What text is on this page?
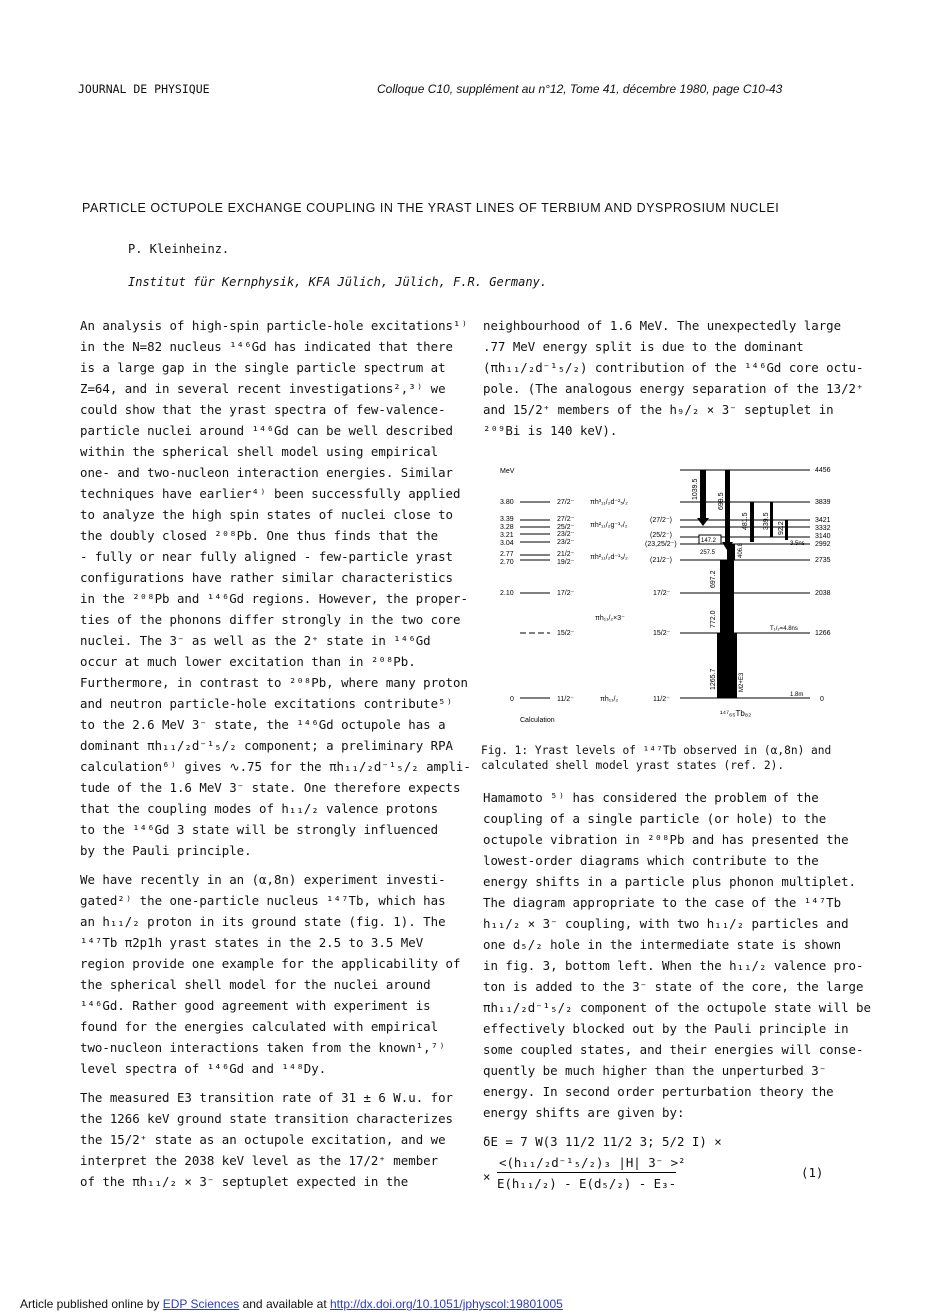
JOURNAL DE PHYSIQUE	Colloque C10, supplément au n°12, Tome 41, décembre 1980, page C10-43
PARTICLE OCTUPOLE EXCHANGE COUPLING IN THE YRAST LINES OF TERBIUM AND DYSPROSIUM NUCLEI
P. Kleinheinz.
Institut für Kernphysik, KFA Jülich, Jülich, F.R. Germany.

An analysis of high-spin particle-hole excitations¹⁾
in the N=82 nucleus ¹⁴⁶Gd has indicated that there
is a large gap in the single particle spectrum at
Z=64, and in several recent investigations²,³⁾ we
could show that the yrast spectra of few-valence-
particle nuclei around ¹⁴⁶Gd can be well described
within the spherical shell model using empirical
one- and two-nucleon interaction energies. Similar
techniques have earlier⁴⁾ been successfully applied
to analyze the high spin states of nuclei close to
the doubly closed ²⁰⁸Pb. One thus finds that the
- fully or near fully aligned - few-particle yrast
configurations have rather similar characteristics
in the ²⁰⁸Pb and ¹⁴⁶Gd regions. However, the proper-
ties of the phonons differ strongly in the two core
nuclei. The 3⁻ as well as the 2⁺ state in ¹⁴⁶Gd
occur at much lower excitation than in ²⁰⁸Pb.
Furthermore, in contrast to ²⁰⁸Pb, where many proton
and neutron particle-hole excitations contribute⁵⁾
to the 2.6 MeV 3⁻ state, the ¹⁴⁶Gd octupole has a
dominant πh₁₁/₂d⁻¹₅/₂ component; a preliminary RPA
calculation⁶⁾ gives ∿.75 for the πh₁₁/₂d⁻¹₅/₂ ampli-
tude of the 1.6 MeV 3⁻ state. One therefore expects
that the coupling modes of h₁₁/₂ valence protons
to the ¹⁴⁶Gd 3 state will be strongly influenced
by the Pauli principle.

We have recently in an (α,8n) experiment investi-
gated²⁾ the one-particle nucleus ¹⁴⁷Tb, which has
an h₁₁/₂ proton in its ground state (fig. 1). The
¹⁴⁷Tb π2p1h yrast states in the 2.5 to 3.5 MeV
region provide one example for the applicability of
the spherical shell model for the nuclei around
¹⁴⁶Gd. Rather good agreement with experiment is
found for the energies calculated with empirical
two-nucleon interactions taken from the known¹,⁷⁾
level spectra of ¹⁴⁶Gd and ¹⁴⁸Dy.

The measured E3 transition rate of 31 ± 6 W.u. for
the 1266 keV ground state transition characterizes
the 15/2⁺ state as an octupole excitation, and we
interpret the 2038 keV level as the 17/2⁺ member
of the πh₁₁/₂ × 3⁻ septuplet expected in the

neighbourhood of 1.6 MeV. The unexpectedly large
.77 MeV energy split is due to the dominant
(πh₁₁/₂d⁻¹₅/₂) contribution of the ¹⁴⁶Gd core octu-
pole. (The analogous energy separation of the 13/2⁺
and 15/2⁺ members of the h₉/₂ × 3⁻ septuplet in
²⁰⁹Bi is 140 keV).

MeV
3.80	27/2⁻ πh³₁₁/₂d⁻²₅/₂
3.39	27/2⁻
3.28	25/2⁻ πh²₁₁/₂g⁻¹₇/₂
3.21	23/2⁻
3.04	23/2⁻
2.77	21/2⁻ πh²₁₁/₂d⁻¹₅/₂
2.70	19/2⁻
2.10	17/2⁻
15/2⁻
πh₁₁/₂×3⁻
0	11/2⁻	πh₁₁/₂
Calculation
4456
3839
3421
(27/2⁻)
3332
3140
(25/2⁻)
2992
(23,25/2⁻)
2735
(21/2⁻)
2038
17/2⁻
1266
15/2⁻
0
11/2⁻
1039.5
699.5
481.5 339.5 92.2
147.2
257.5	406.8
697.2
772.0
1265.7
3.5ns
T₁/₂=4.8ns
1.8m
M2+E3
¹⁴⁷₆₅Tb₈₂
Fig. 1: Yrast levels of ¹⁴⁷Tb observed in (α,8n) and
calculated shell model yrast states (ref. 2).

Hamamoto ⁵⁾ has considered the problem of the
coupling of a single particle (or hole) to the
octupole vibration in ²⁰⁸Pb and has presented the
lowest-order diagrams which contribute to the
energy shifts in a particle plus phonon multiplet.
The diagram appropriate to the case of the ¹⁴⁷Tb
h₁₁/₂ × 3⁻ coupling, with two h₁₁/₂ particles and
one d₅/₂ hole in the intermediate state is shown
in fig. 3, bottom left. When the h₁₁/₂ valence pro-
ton is added to the 3⁻ state of the core, the large
πh₁₁/₂d⁻¹₅/₂ component of the octupole state will be
effectively blocked out by the Pauli principle in
some coupled states, and their energies will conse-
quently be much higher than the unperturbed 3⁻
energy. In second order perturbation theory the
energy shifts are given by:

δE = 7 W(3 11/2 11/2 3; 5/2 I) ×
×
<(h₁₁/₂d⁻¹₅/₂)₃ |H| 3⁻ >²
E(h₁₁/₂) - E(d₅/₂) - E₃-
(1)
Article published online by EDP Sciences and available at http://dx.doi.org/10.1051/jphyscol:19801005
